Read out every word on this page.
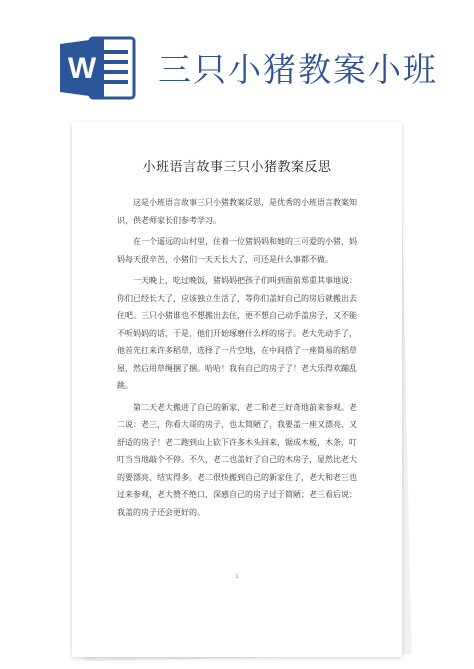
W 三只小猪教案小班
小班语言故事三只小猪教案反思

这是小班语言故事三只小猪教案反思，是优秀的小班语言教案知识，供老师家长们参考学习。

在一个遥远的山村里，住着一位猪妈妈和她的三可爱的小猪，妈妈每天很辛苦，小猪们一天天长大了，可还是什么事都不做。

一天晚上，吃过晚饭，猪妈妈把孩子们叫到面前郑重其事地说：你们已经长大了，应该独立生活了，等你们盖好自己的房后就搬出去住吧。三只小猪谁也不想搬出去住，更不想自己动手盖房子，又不能不听妈妈的话，于是，他们开始琢磨什么样的房子。老大先动手了，他首先扛来许多稻草，选择了一片空地，在中间搭了一座简易的稻草屋，然后用草绳捆了捆。哈哈！我有自己的房子了！老大乐得欢蹦乱跳。

第二天老大搬进了自己的新家，老二和老三好奇地前来参观。老二说：老三，你看大哥的房子，也太简陋了，我要盖一座又漂亮、又舒适的房子！老二跑到山上砍下许多木头回来，锯成木板，木条，叮叮当当地敲个不停。不久，老二也盖好了自己的木房子，显然比老大的要漂亮、结实得多。老二很快搬到自己的新家住了，老大和老三也过来参观，老大赞不绝口，深感自己的房子过于简陋；老三看后说：我盖的房子还会更好的。

1
